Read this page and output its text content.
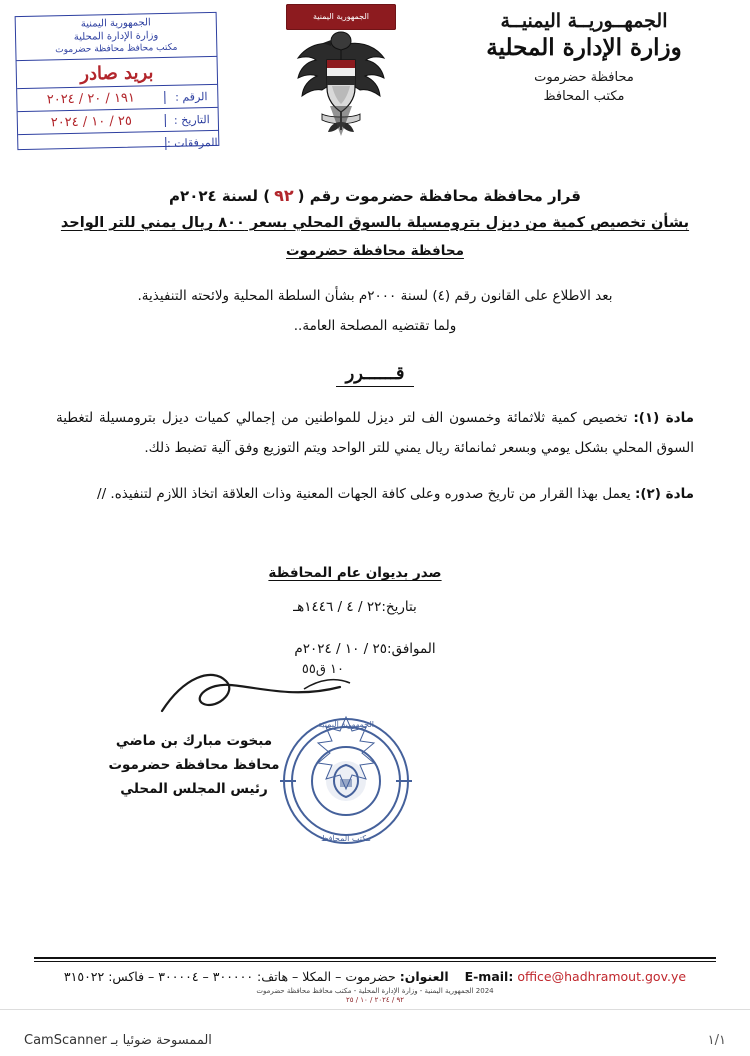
الجمهــوريــة اليمنيــة
وزارة الإدارة المحلية
محافظة حضرموت
مكتب المحافظ
الجمهورية اليمنية
الجمهورية اليمنية
وزارة الإدارة المحلية
مكتب محافظ محافظة حضرموت
بريد صادر
الرقم :
١٩١ / ٢٠ / ٢٠٢٤
التاريخ :
٢٥ / ١٠ / ٢٠٢٤
المرفقات :
قرار محافظة محافظة حضرموت رقم (٩٢) لسنة ٢٠٢٤م
بشأن تخصيص كمية من ديزل بترومسيلة بالسوق المحلي بسعر ٨٠٠ ريال يمني للتر الواحد
محافظة محافظة حضرموت
بعد الاطلاع على القانون رقم (٤) لسنة ٢٠٠٠م بشأن السلطة المحلية ولائحته التنفيذية.
ولما تقتضيه المصلحة العامة..
قــــــرر
مادة (١): تخصيص كمية ثلاثمائة وخمسون الف لتر ديزل للمواطنين من إجمالي كميات ديزل بترومسيلة لتغطية السوق المحلي بشكل يومي وبسعر ثمانمائة ريال يمني للتر الواحد ويتم التوزيع وفق آلية تضبط ذلك.
مادة (٢): يعمل بهذا القرار من تاريخ صدوره وعلى كافة الجهات المعنية وذات العلاقة اتخاذ اللازم لتنفيذه. //
صدر بديوان عام المحافظة
بتاريخ:٢٢ / ٤ / ١٤٤٦هـ
الموافق:٢٥ / ١٠ / ٢٠٢٤م
١٠ ق٥٥
الجمهورية اليمنية
مكتب المحافظ
مبخوت مبارك بن ماضي
محافظ محافظة حضرموت
رئيس المجلس المحلي
E-mail: office@hadhramout.gov.ye    العنوان: حضرموت – المكلا – هاتف: ٣٠٠٠٠٠ – ٣٠٠٠٠٤ – فاكس: ٣١٥٠٢٢
2024 الجمهورية اليمنية - وزارة الإدارة المحلية - مكتب محافظ محافظة حضرموت
٩٢ / ٢٠٢٤ / ١٠ / ٢٥
١/١
الممسوحة ضوئيا بـ CamScanner
